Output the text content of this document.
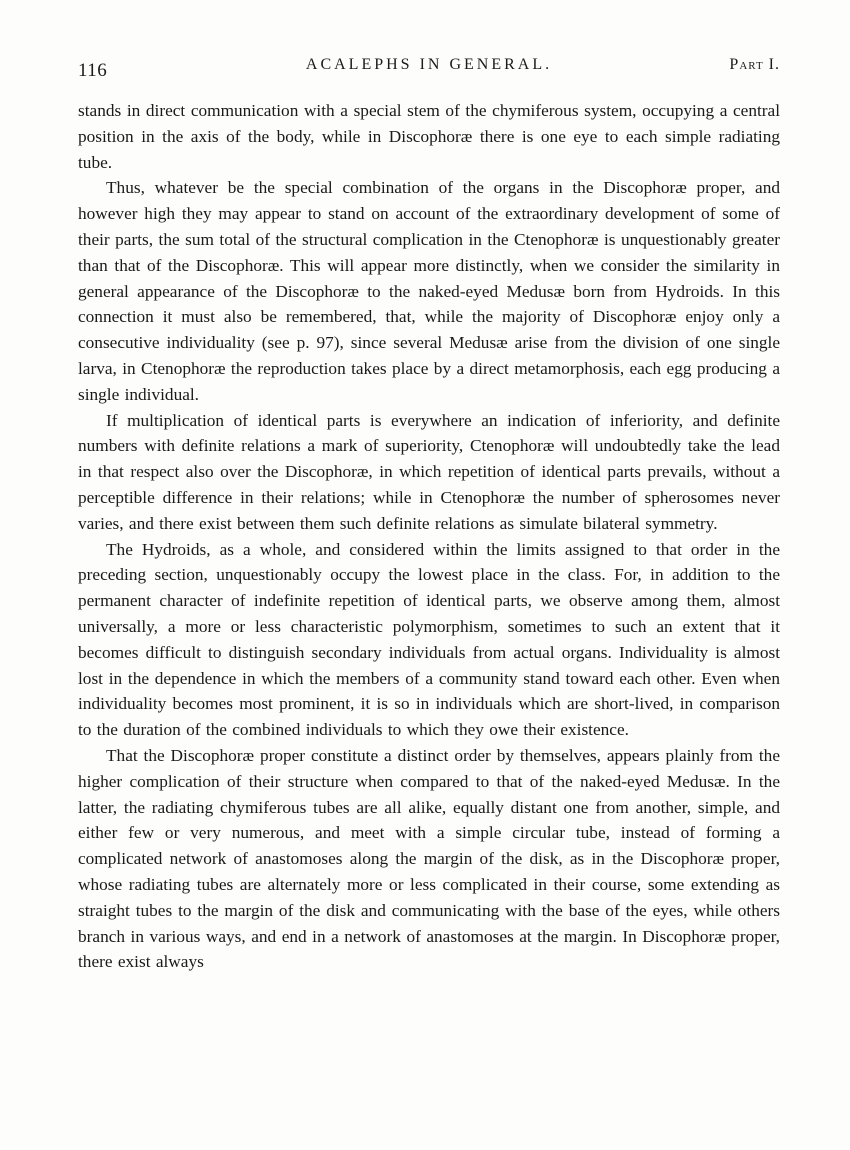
116	ACALEPHS IN GENERAL.	Part I.

stands in direct communication with a special stem of the chymiferous system, occupying a central position in the axis of the body, while in Discophoræ there is one eye to each simple radiating tube.

Thus, whatever be the special combination of the organs in the Discophoræ proper, and however high they may appear to stand on account of the extraordinary development of some of their parts, the sum total of the structural complication in the Ctenophoræ is unquestionably greater than that of the Discophoræ. This will appear more distinctly, when we consider the similarity in general appearance of the Discophoræ to the naked-eyed Medusæ born from Hydroids. In this connection it must also be remembered, that, while the majority of Discophoræ enjoy only a consecutive individuality (see p. 97), since several Medusæ arise from the division of one single larva, in Ctenophoræ the reproduction takes place by a direct metamorphosis, each egg producing a single individual.

If multiplication of identical parts is everywhere an indication of inferiority, and definite numbers with definite relations a mark of superiority, Ctenophoræ will undoubtedly take the lead in that respect also over the Discophoræ, in which repetition of identical parts prevails, without a perceptible difference in their relations; while in Ctenophoræ the number of spherosomes never varies, and there exist between them such definite relations as simulate bilateral symmetry.

The Hydroids, as a whole, and considered within the limits assigned to that order in the preceding section, unquestionably occupy the lowest place in the class. For, in addition to the permanent character of indefinite repetition of identical parts, we observe among them, almost universally, a more or less characteristic polymorphism, sometimes to such an extent that it becomes difficult to distinguish secondary individuals from actual organs. Individuality is almost lost in the dependence in which the members of a community stand toward each other. Even when individuality becomes most prominent, it is so in individuals which are short-lived, in comparison to the duration of the combined individuals to which they owe their existence.

That the Discophoræ proper constitute a distinct order by themselves, appears plainly from the higher complication of their structure when compared to that of the naked-eyed Medusæ. In the latter, the radiating chymiferous tubes are all alike, equally distant one from another, simple, and either few or very numerous, and meet with a simple circular tube, instead of forming a complicated network of anastomoses along the margin of the disk, as in the Discophoræ proper, whose radiating tubes are alternately more or less complicated in their course, some extending as straight tubes to the margin of the disk and communicating with the base of the eyes, while others branch in various ways, and end in a network of anastomoses at the margin. In Discophoræ proper, there exist always
